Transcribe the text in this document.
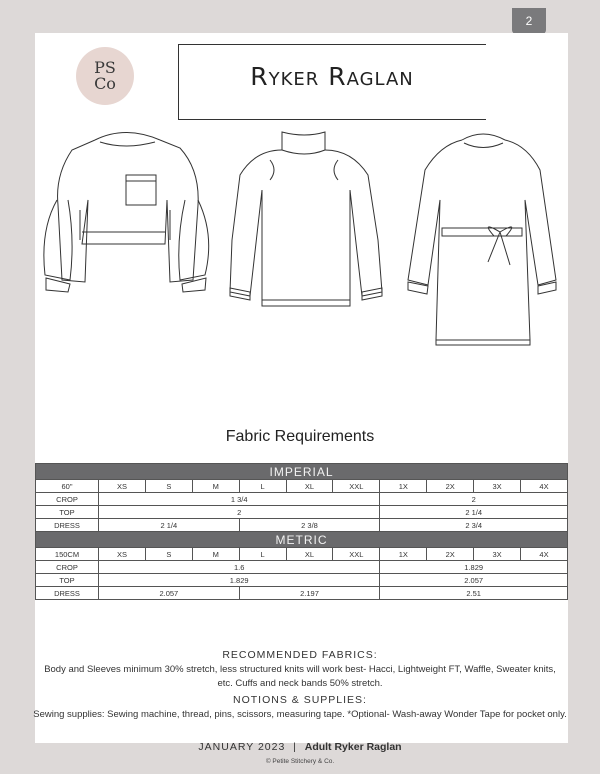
2
PS
Co	Ryker Raglan
Fabric Requirements
IMPERIAL										
60"	XS	S	M	L	XL	XXL	1X	2X	3X	4X
CROP	1 3/4						2			
TOP	2						2 1/4			
DRESS	2 1/4			2 3/8			2 3/4			
METRIC										
150CM	XS	S	M	L	XL	XXL	1X	2X	3X	4X
CROP	1.6						1.829			
TOP	1.829						2.057			
DRESS	2.057			2.197			2.51			
RECOMMENDED FABRICS:
Body and Sleeves minimum 30% stretch, less structured knits will work best- Hacci, Lightweight FT, Waffle, Sweater knits, etc. Cuffs and neck bands 50% stretch.
NOTIONS & SUPPLIES:
Sewing supplies: Sewing machine, thread, pins, scissors, measuring tape. *Optional- Wash-away Wonder Tape for pocket only.
JANUARY 2023 | Adult Ryker Raglan
© Petite Stitchery & Co.
